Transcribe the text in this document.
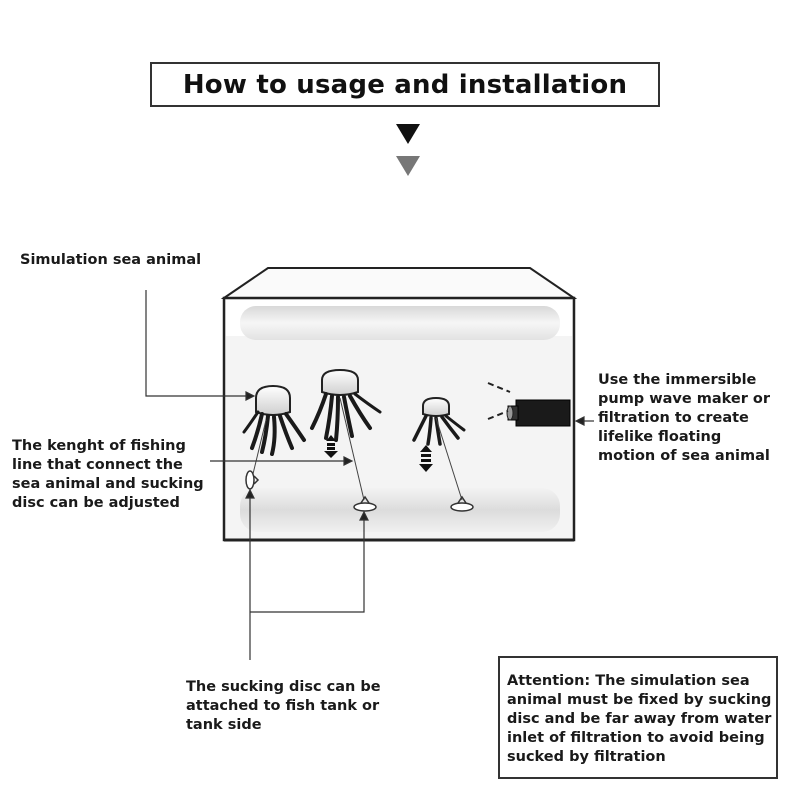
How to usage and installation
Simulation sea animal
The kenght of fishing
line that connect the
sea animal and sucking
disc can be adjusted
Use the immersible
pump wave maker or
filtration to create
lifelike floating
motion of sea animal
The sucking disc can be
attached to fish tank or
tank side
Attention: The simulation sea
animal must be fixed by sucking
disc and be far away from water
inlet of filtration to avoid being
sucked by filtration
